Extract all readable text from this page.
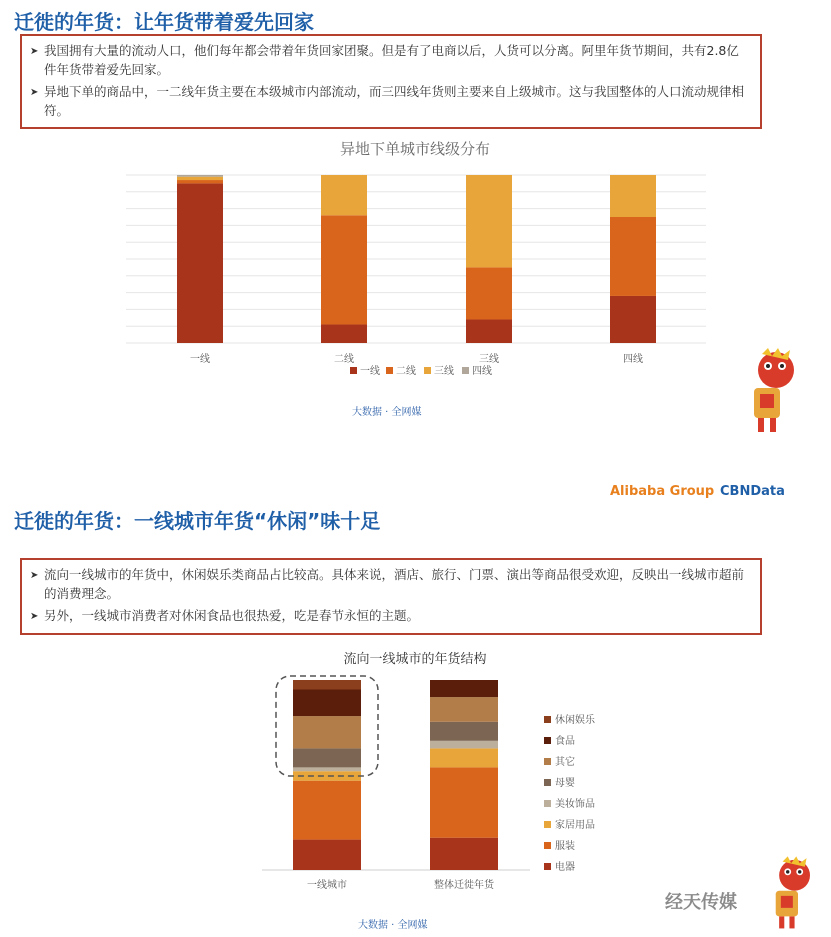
迁徙的年货：让年货带着爱先回家
➤ 我国拥有大量的流动人口，他们每年都会带着年货回家团聚。但是有了电商以后，人货可以分离。阿里年货节期间，共有2.8亿件年货带着爱先回家。
➤ 异地下单的商品中，一二线年货主要在本级城市内部流动，而三四线年货则主要来自上级城市。这与我国整体的人口流动规律相符。
异地下单城市线级分布
一线	二线	三线	四线
一线 二线 三线 四线
大数据 · 全网媒
Alibaba Group CBNData
迁徙的年货：一线城市年货“休闲”味十足
➤ 流向一线城市的年货中，休闲娱乐类商品占比较高。具体来说，酒店、旅行、门票、演出等商品很受欢迎，反映出一线城市超前的消费理念。
➤ 另外，一线城市消费者对休闲食品也很热爱，吃是春节永恒的主题。
流向一线城市的年货结构
一线城市	整体迁徙年货
休闲娱乐
食品
其它
母婴
美妆饰品
家居用品
服装
电器
大数据 · 全网媒
经天传媒
